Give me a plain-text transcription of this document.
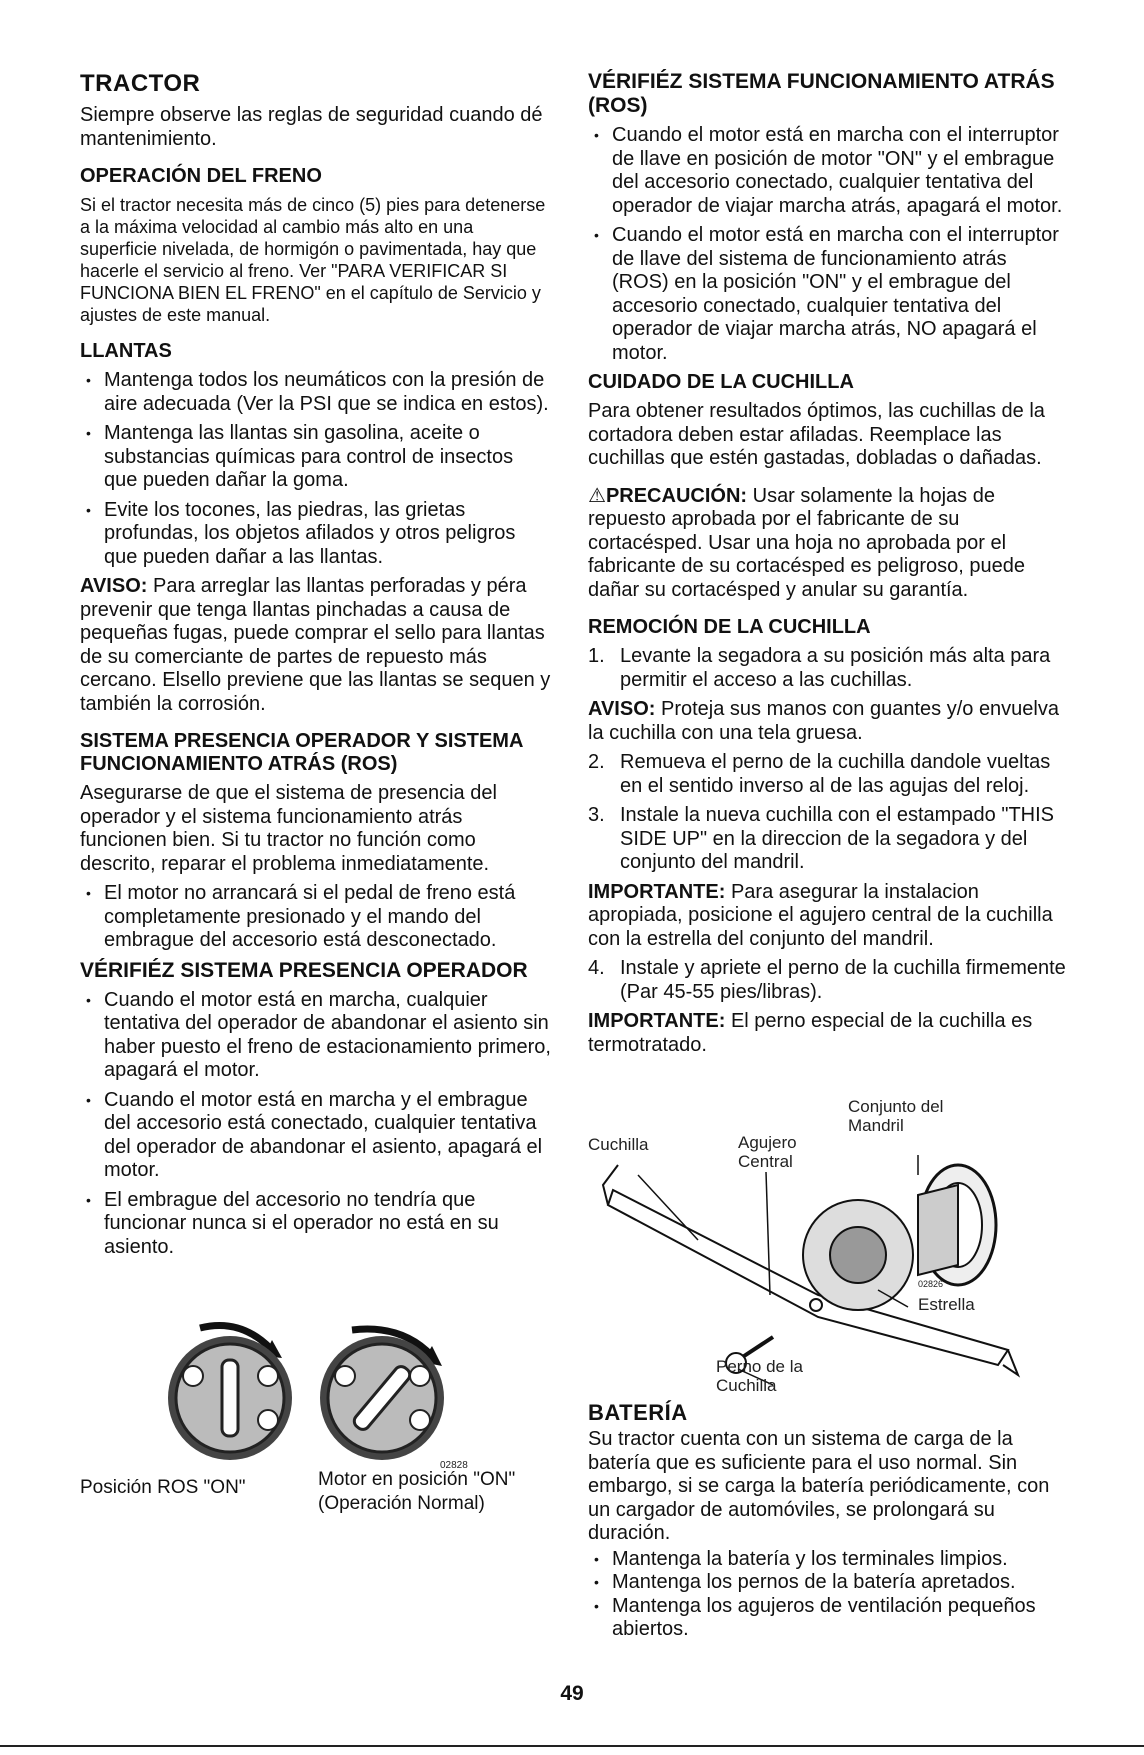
TRACTOR

Siempre observe las reglas de seguridad cuando dé mantenimiento.

OPERACIÓN DEL FRENO

Si el tractor necesita más de cinco (5) pies para detenerse a la máxima velocidad al cambio más alto en una superficie nivelada, de hormigón o pavimentada, hay que hacerle el servicio al freno. Ver "PARA VERIFICAR SI FUNCIONA BIEN EL FRENO" en el capítulo de Servicio y ajustes de este manual.

LLANTAS
• Mantenga todos los neumáticos con la presión de aire adecuada (Ver la PSI que se indica en estos).
• Mantenga las llantas sin gasolina, aceite o substancias químicas para control de insectos que pueden dañar la goma.
• Evite los tocones, las piedras, las grietas profundas, los objetos afilados y otros peligros que pueden dañar a las llantas.

AVISO: Para arreglar las llantas perforadas y péra prevenir que tenga llantas pinchadas a causa de pequeñas fugas, puede comprar el sello para llantas de su comerciante de partes de repuesto más cercano. Elsello previene que las llantas se sequen y también la corrosión.

SISTEMA PRESENCIA OPERADOR Y SISTEMA FUNCIONAMIENTO ATRÁS (ROS)

Asegurarse de que el sistema de presencia del operador y el sistema funcionamiento atrás funcionen bien. Si tu tractor no función como descrito, reparar el problema inmediatamente.

• El motor no arrancará si el pedal de freno está completamente presionado y el mando del embrague del accesorio está desconectado.
VÉRIFIÉZ SISTEMA PRESENCIA OPERADOR
• Cuando el motor está en marcha, cualquier tentativa del operador de abandonar el asiento sin haber puesto el freno de estacionamiento primero, apagará el motor.
• Cuando el motor está en marcha y el embrague del accesorio está conectado, cualquier tentativa del operador de abandonar el asiento, apagará el motor.
• El embrague del accesorio no tendría que funcionar nunca si el operador no está en su asiento.
02828

Posición ROS "ON"	Motor en posición "ON" (Operación Normal)

VÉRIFIÉZ SISTEMA FUNCIONAMIENTO ATRÁS (ROS)
• Cuando el motor está en marcha con el interruptor de llave en posición de motor "ON" y el embrague del accesorio conectado, cualquier tentativa del operador de viajar marcha atrás, apagará el motor.
• Cuando el motor está en marcha con el interruptor de llave del sistema de funcionamiento atrás (ROS) en la posición "ON" y el embrague del accesorio conectado, cualquier tentativa del operador de viajar marcha atrás, NO apagará el motor.
CUIDADO DE LA CUCHILLA

Para obtener resultados óptimos, las cuchillas de la cortadora deben estar afiladas. Reemplace las cuchillas que estén gastadas, dobladas o dañadas.

⚠PRECAUCIÓN: Usar solamente la hojas de repuesto aprobada por el fabricante de su cortacésped. Usar una hoja no aprobada por el fabricante de su cortacésped es peligroso, puede dañar su cortacésped y anular su garantía.

REMOCIÓN DE LA CUCHILLA
1. Levante la segadora a su posición más alta para permitir el acceso a las cuchillas.

AVISO: Proteja sus manos con guantes y/o envuelva la cuchilla con una tela gruesa.

2. Remueva el perno de la cuchilla dandole vueltas en el sentido inverso al de las agujas del reloj.
3. Instale la nueva cuchilla con el estampado "THIS SIDE UP" en la direccion de la segadora y del conjunto del mandril.

IMPORTANTE: Para asegurar la instalacion apropiada, posicione el agujero central de la cuchilla con la estrella del conjunto del mandril.

4. Instale y apriete el perno de la cuchilla firmemente (Par 45-55 pies/libras).

IMPORTANTE: El perno especial de la cuchilla es termotratado.

Conjunto del Mandril
Cuchilla	Agujero Central
Estrella
Perno de la Cuchilla
02826
BATERÍA

Su tractor cuenta con un sistema de carga de la batería que es suficiente para el uso normal. Sin embargo, si se carga la batería periódicamente, con un cargador de automóviles, se prolongará su duración.

• Mantenga la batería y los terminales limpios.
• Mantenga los pernos de la batería apretados.
• Mantenga los agujeros de ventilación pequeños abiertos.
49
